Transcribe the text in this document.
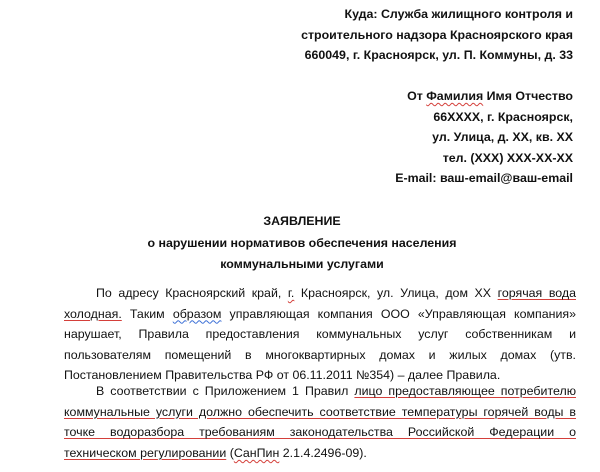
Куда: Служба жилищного контроля и
строительного надзора Красноярского края
660049, г. Красноярск, ул. П. Коммуны, д. 33
От Фамилия Имя Отчество
66ХХХХ, г. Красноярск,
ул. Улица, д. ХХ, кв. ХХ
тел. (ХХХ) ХХХ-ХХ-ХХ
E-mail: ваш-email@ваш-email
ЗАЯВЛЕНИЕ
о нарушении нормативов обеспечения населения
коммунальными услугами
По адресу Красноярский край, г. Красноярск, ул. Улица, дом ХХ горячая вода холодная. Таким образом управляющая компания ООО «Управляющая компания» нарушает, Правила предоставления коммунальных услуг собственникам и пользователям помещений в многоквартирных домах и жилых домах (утв. Постановлением Правительства РФ от 06.11.2011 №354) – далее Правила.
В соответствии с Приложением 1 Правил лицо предоставляющее потребителю коммунальные услуги должно обеспечить соответствие температуры горячей воды в точке водоразбора требованиям законодательства Российской Федерации о техническом регулировании (СанПин 2.1.4.2496-09).
